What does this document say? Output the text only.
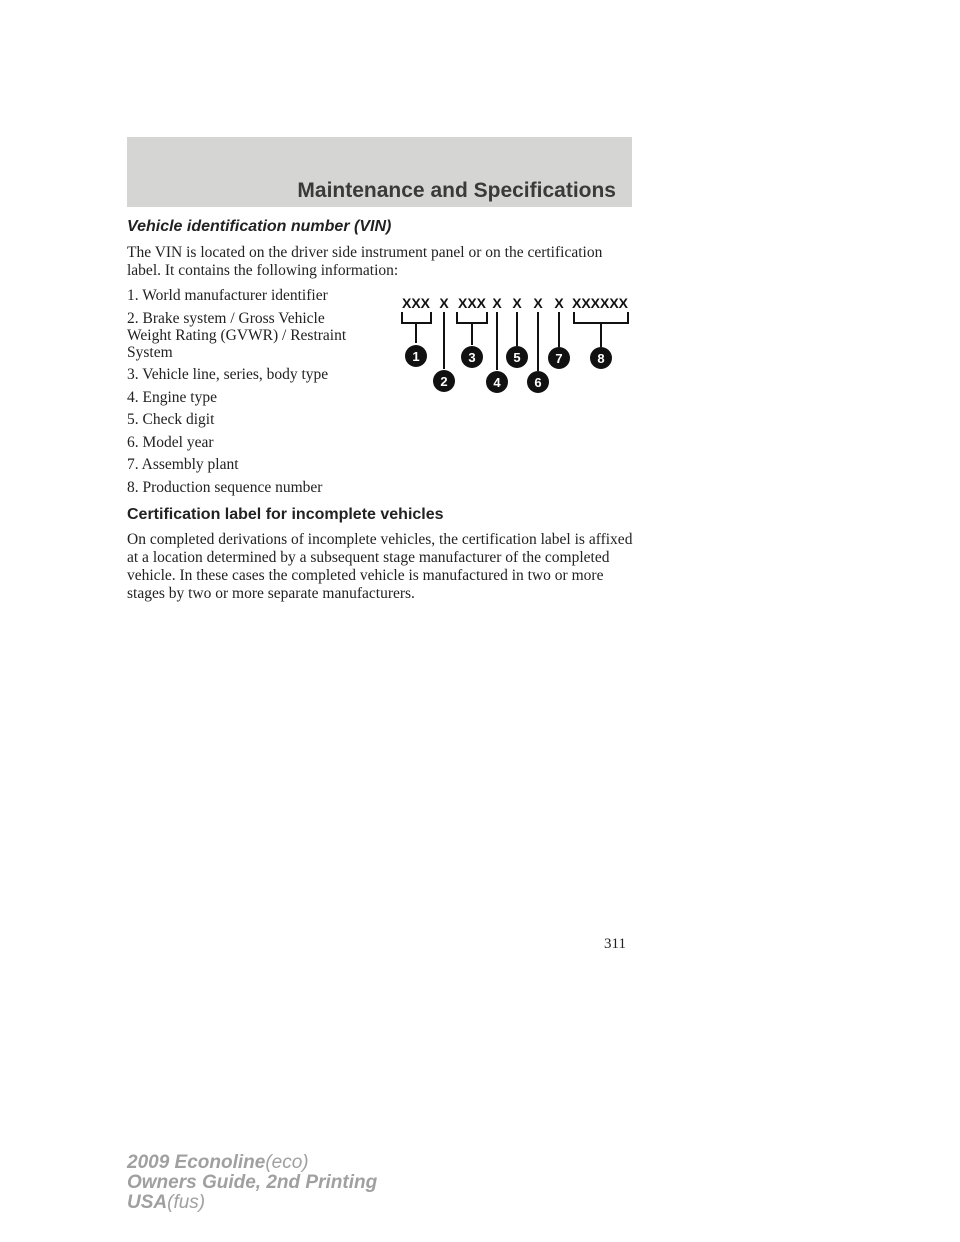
Maintenance and Specifications
Vehicle identification number (VIN)
The VIN is located on the driver side instrument panel or on the certification label. It contains the following information:
1. World manufacturer identifier
2. Brake system / Gross Vehicle Weight Rating (GVWR) / Restraint System
3. Vehicle line, series, body type
4. Engine type
5. Check digit
6. Model year
7. Assembly plant
8. Production sequence number
XXX X XXX X X X X XXXXXX
1
2
3
4
5
6
7	8
Certification label for incomplete vehicles
On completed derivations of incomplete vehicles, the certification label is affixed at a location determined by a subsequent stage manufacturer of the completed vehicle. In these cases the completed vehicle is manufactured in two or more stages by two or more separate manufacturers.
311
2009 Econoline(eco)
Owners Guide, 2nd Printing
USA(fus)
